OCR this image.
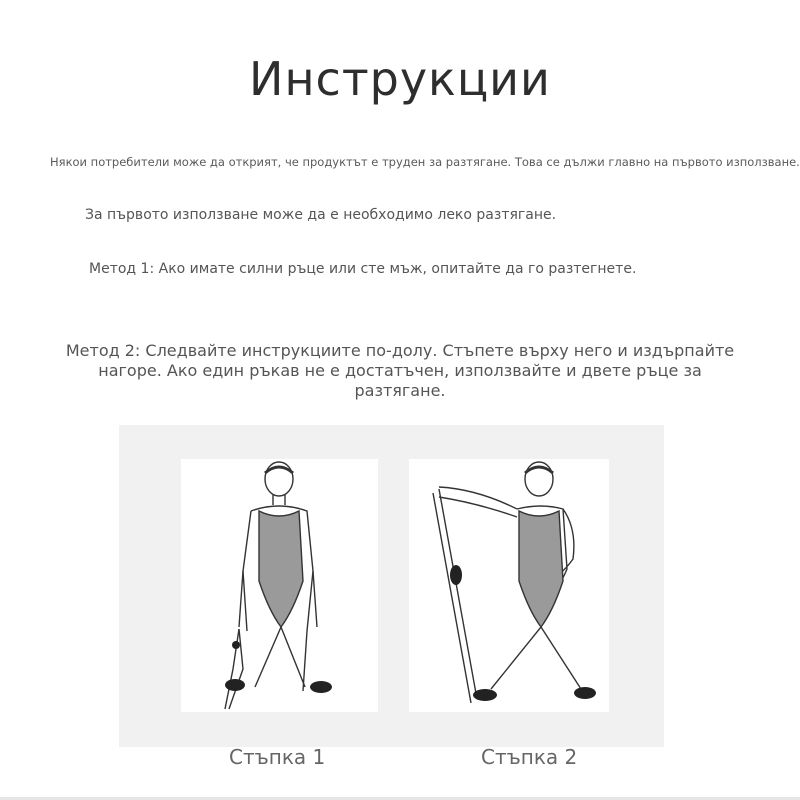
Инструкции
Някои потребители може да открият, че продуктът е труден за разтягане. Това се дължи главно на първото използване.
За първото използване може да е необходимо леко разтягане.
Метод 1: Ако имате силни ръце или сте мъж, опитайте да го разтегнете.
Метод 2: Следвайте инструкциите по-долу. Стъпете върху него и издърпайте нагоре. Ако един ръкав не е достатъчен, използвайте и двете ръце за разтягане.
Стъпка 1	Стъпка 2
